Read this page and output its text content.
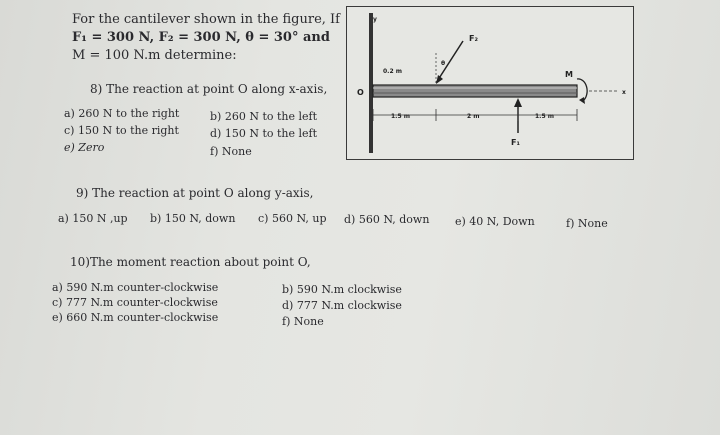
For the cantilever shown in the figure, If
F₁ = 300 N, F₂ = 300 N, θ = 30° and
M = 100 N.m determine:
8) The reaction at point O along x-axis,
a) 260 N to the right	b) 260 N to the left
c) 150 N to the right	d) 150 N to the left
e) Zero	f) None
y
0.2 m
O	x
θ
F₂
F₁
M
1.5 m	2 m	1.5 m
9) The reaction at point O along y-axis,
a) 150 N ,up b) 150 N, down c) 560 N, up d) 560 N, down e) 40 N, Down	f) None
10)The moment reaction about point O,
a) 590 N.m counter-clockwise	b) 590 N.m clockwise
c) 777 N.m counter-clockwise	d) 777 N.m clockwise
e) 660 N.m counter-clockwise	f) None
